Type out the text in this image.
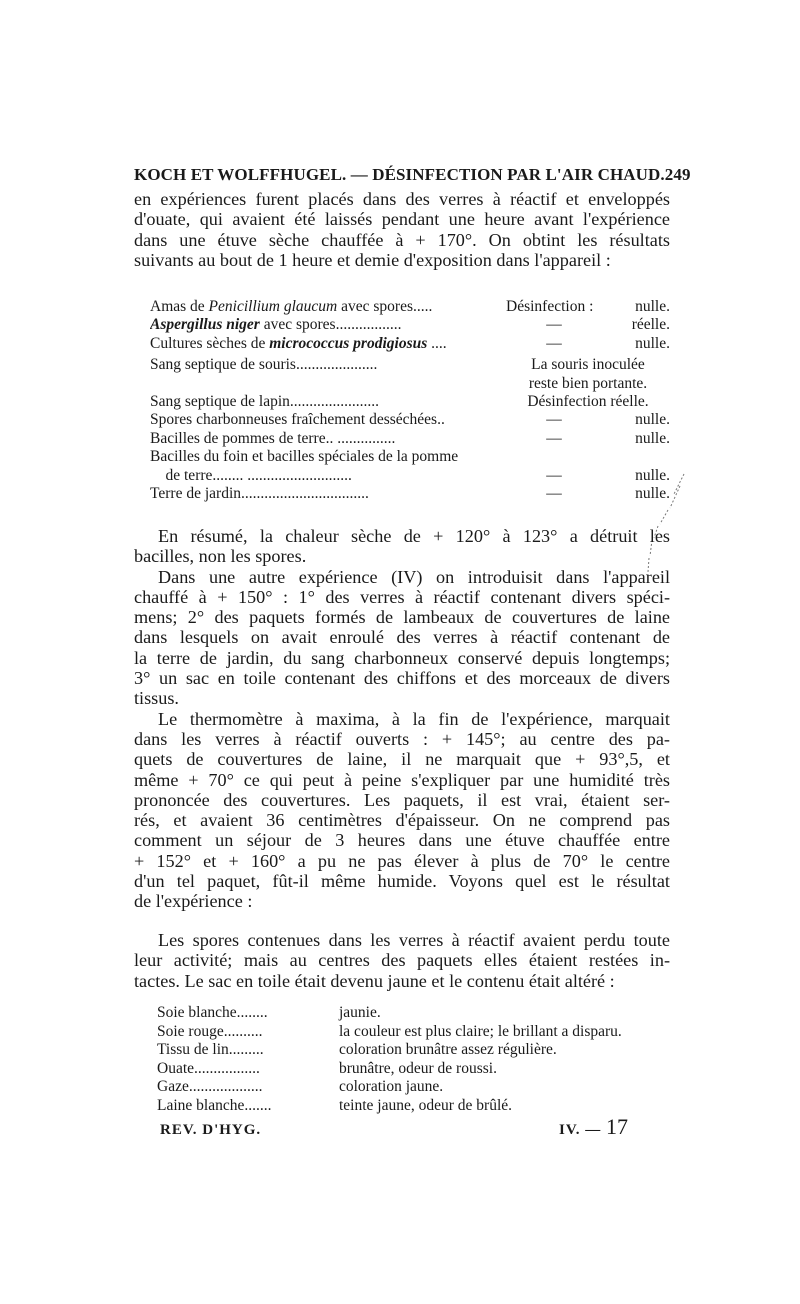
KOCH ET WOLFFHUGEL. — DÉSINFECTION PAR L'AIR CHAUD. 249
en expériences furent placés dans des verres à réactif et enveloppés
d'ouate, qui avaient été laissés pendant une heure avant l'expérience
dans une étuve sèche chauffée à + 170°. On obtint les résultats
suivants au bout de 1 heure et demie d'exposition dans l'appareil :
Amas de Penicillium glaucum avec spores.....	Désinfection :	nulle.
Aspergillus niger avec spores.................	—	réelle.
Cultures sèches de micrococcus prodigiosus ....	—	nulle.
Sang septique de souris.....................	La souris inoculée
reste bien portante.
Sang septique de lapin.......................	Désinfection réelle.
Spores charbonneuses fraîchement desséchées..	—	nulle.
Bacilles de pommes de terre.. ...............	—	nulle.
Bacilles du foin et bacilles spéciales de la pomme
de terre........ ...........................	—	nulle.
Terre de jardin.................................	—	nulle.
En résumé, la chaleur sèche de + 120° à 123° a détruit les
bacilles, non les spores.
Dans une autre expérience (IV) on introduisit dans l'appareil
chauffé à + 150° : 1° des verres à réactif contenant divers spéci-
mens; 2° des paquets formés de lambeaux de couvertures de laine
dans lesquels on avait enroulé des verres à réactif contenant de
la terre de jardin, du sang charbonneux conservé depuis longtemps;
3° un sac en toile contenant des chiffons et des morceaux de divers
tissus.
Le thermomètre à maxima, à la fin de l'expérience, marquait
dans les verres à réactif ouverts : + 145°; au centre des pa-
quets de couvertures de laine, il ne marquait que + 93°,5, et
même + 70° ce qui peut à peine s'expliquer par une humidité très
prononcée des couvertures. Les paquets, il est vrai, étaient ser-
rés, et avaient 36 centimètres d'épaisseur. On ne comprend pas
comment un séjour de 3 heures dans une étuve chauffée entre
+ 152° et + 160° a pu ne pas élever à plus de 70° le centre
d'un tel paquet, fût-il même humide. Voyons quel est le résultat
de l'expérience :
Les spores contenues dans les verres à réactif avaient perdu toute
leur activité; mais au centres des paquets elles étaient restées in-
tactes. Le sac en toile était devenu jaune et le contenu était altéré :
Soie blanche........	jaunie.
Soie rouge..........	la couleur est plus claire; le brillant a disparu.
Tissu de lin.........	coloration brunâtre assez régulière.
Ouate.................	brunâtre, odeur de roussi.
Gaze...................	coloration jaune.
Laine blanche.......	teinte jaune, odeur de brûlé.
REV. D'HYG.	IV. — 17
